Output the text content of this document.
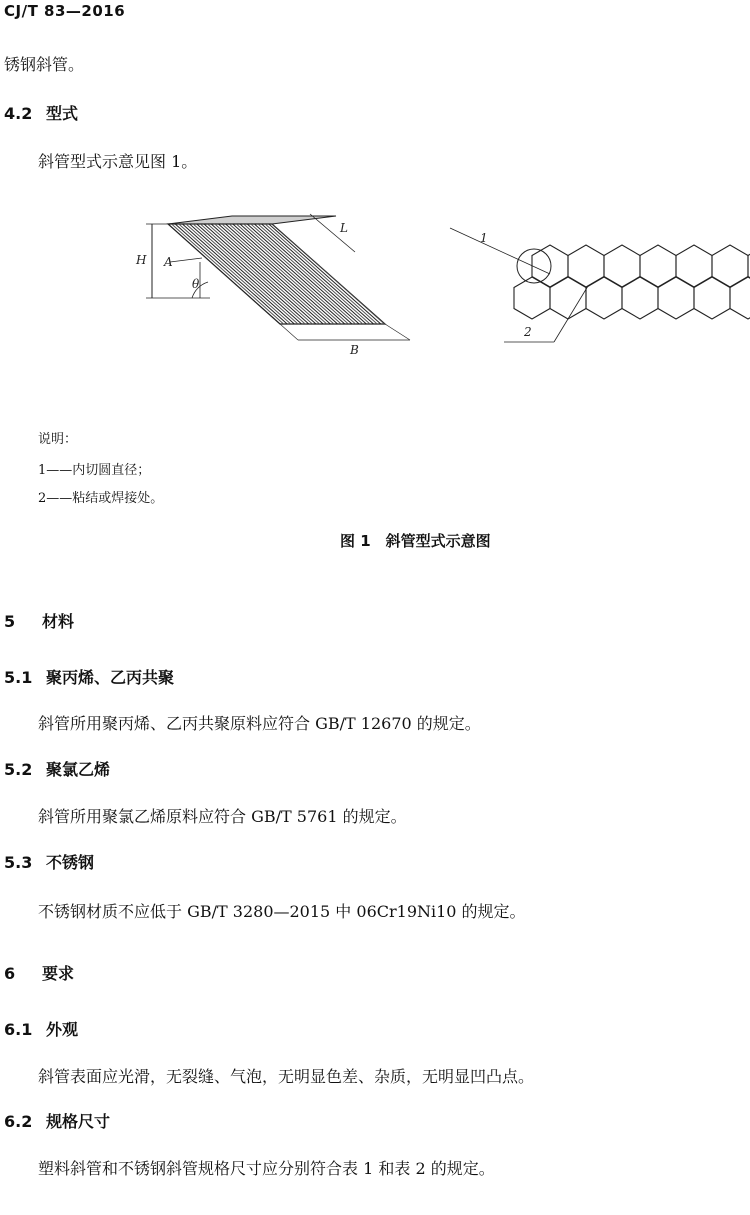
CJ/T 83—2016
锈钢斜管。
4.2 型式
斜管型式示意见图 1。
H
L
A
θ
B
1
2
说明：
1——内切圆直径；
2——粘结或焊接处。
图 1　斜管型式示意图
5 材料
5.1 聚丙烯、乙丙共聚
斜管所用聚丙烯、乙丙共聚原料应符合 GB/T 12670 的规定。
5.2 聚氯乙烯
斜管所用聚氯乙烯原料应符合 GB/T 5761 的规定。
5.3 不锈钢
不锈钢材质不应低于 GB/T 3280—2015 中 06Cr19Ni10 的规定。
6 要求
6.1 外观
斜管表面应光滑，无裂缝、气泡，无明显色差、杂质，无明显凹凸点。
6.2 规格尺寸
塑料斜管和不锈钢斜管规格尺寸应分别符合表 1 和表 2 的规定。
